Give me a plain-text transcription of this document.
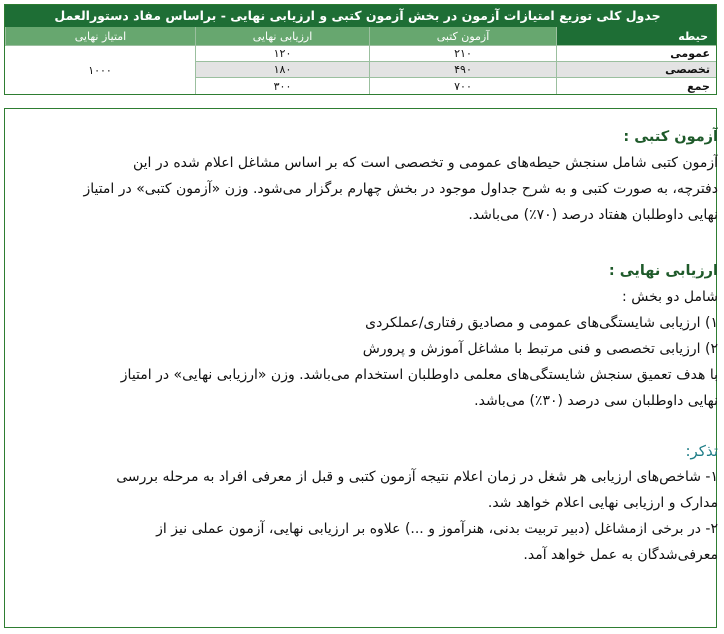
جدول کلی توزیع امتیازات آزمون در بخش آزمون کتبی و ارزیابی نهایی - براساس مفاد دستورالعمل
حیطه
آزمون کتبی
ارزیابی نهایی
امتیاز نهایی
عمومی
۲۱۰
۱۲۰
تخصصی
۴۹۰
۱۸۰
جمع
۷۰۰
۳۰۰
۱۰۰۰
آزمون کتبی :
آزمون کتبی شامل سنجش حیطه‌های عمومی و تخصصی است که بر اساس مشاغل اعلام شده در این
دفترچه، به صورت کتبی و به شرح جداول موجود در بخش چهارم برگزار می‌شود. وزن «آزمون کتبی» در امتیاز
نهایی داوطلبان هفتاد درصد (۷۰٪) می‌باشد.
ارزیابی نهایی :
شامل دو بخش :
۱) ارزیابی شایستگی‌های عمومی و مصادیق رفتاری/عملکردی
۲) ارزیابی تخصصی و فنی مرتبط با مشاغل آموزش و پرورش
با هدف تعمیق سنجش شایستگی‌های معلمی داوطلبان استخدام می‌باشد. وزن «ارزیابی نهایی» در امتیاز
نهایی داوطلبان سی درصد (۳۰٪) می‌باشد.
تذکر:
۱- شاخص‌های ارزیابی هر شغل در زمان اعلام نتیجه آزمون کتبی و قبل از معرفی افراد به مرحله بررسی
مدارک و ارزیابی نهایی اعلام خواهد شد.
۲- در برخی ازمشاغل (دبیر تربیت بدنی، هنرآموز و ...) علاوه بر ارزیابی نهایی، آزمون عملی نیز از
معرفی‌شدگان به عمل خواهد آمد.
